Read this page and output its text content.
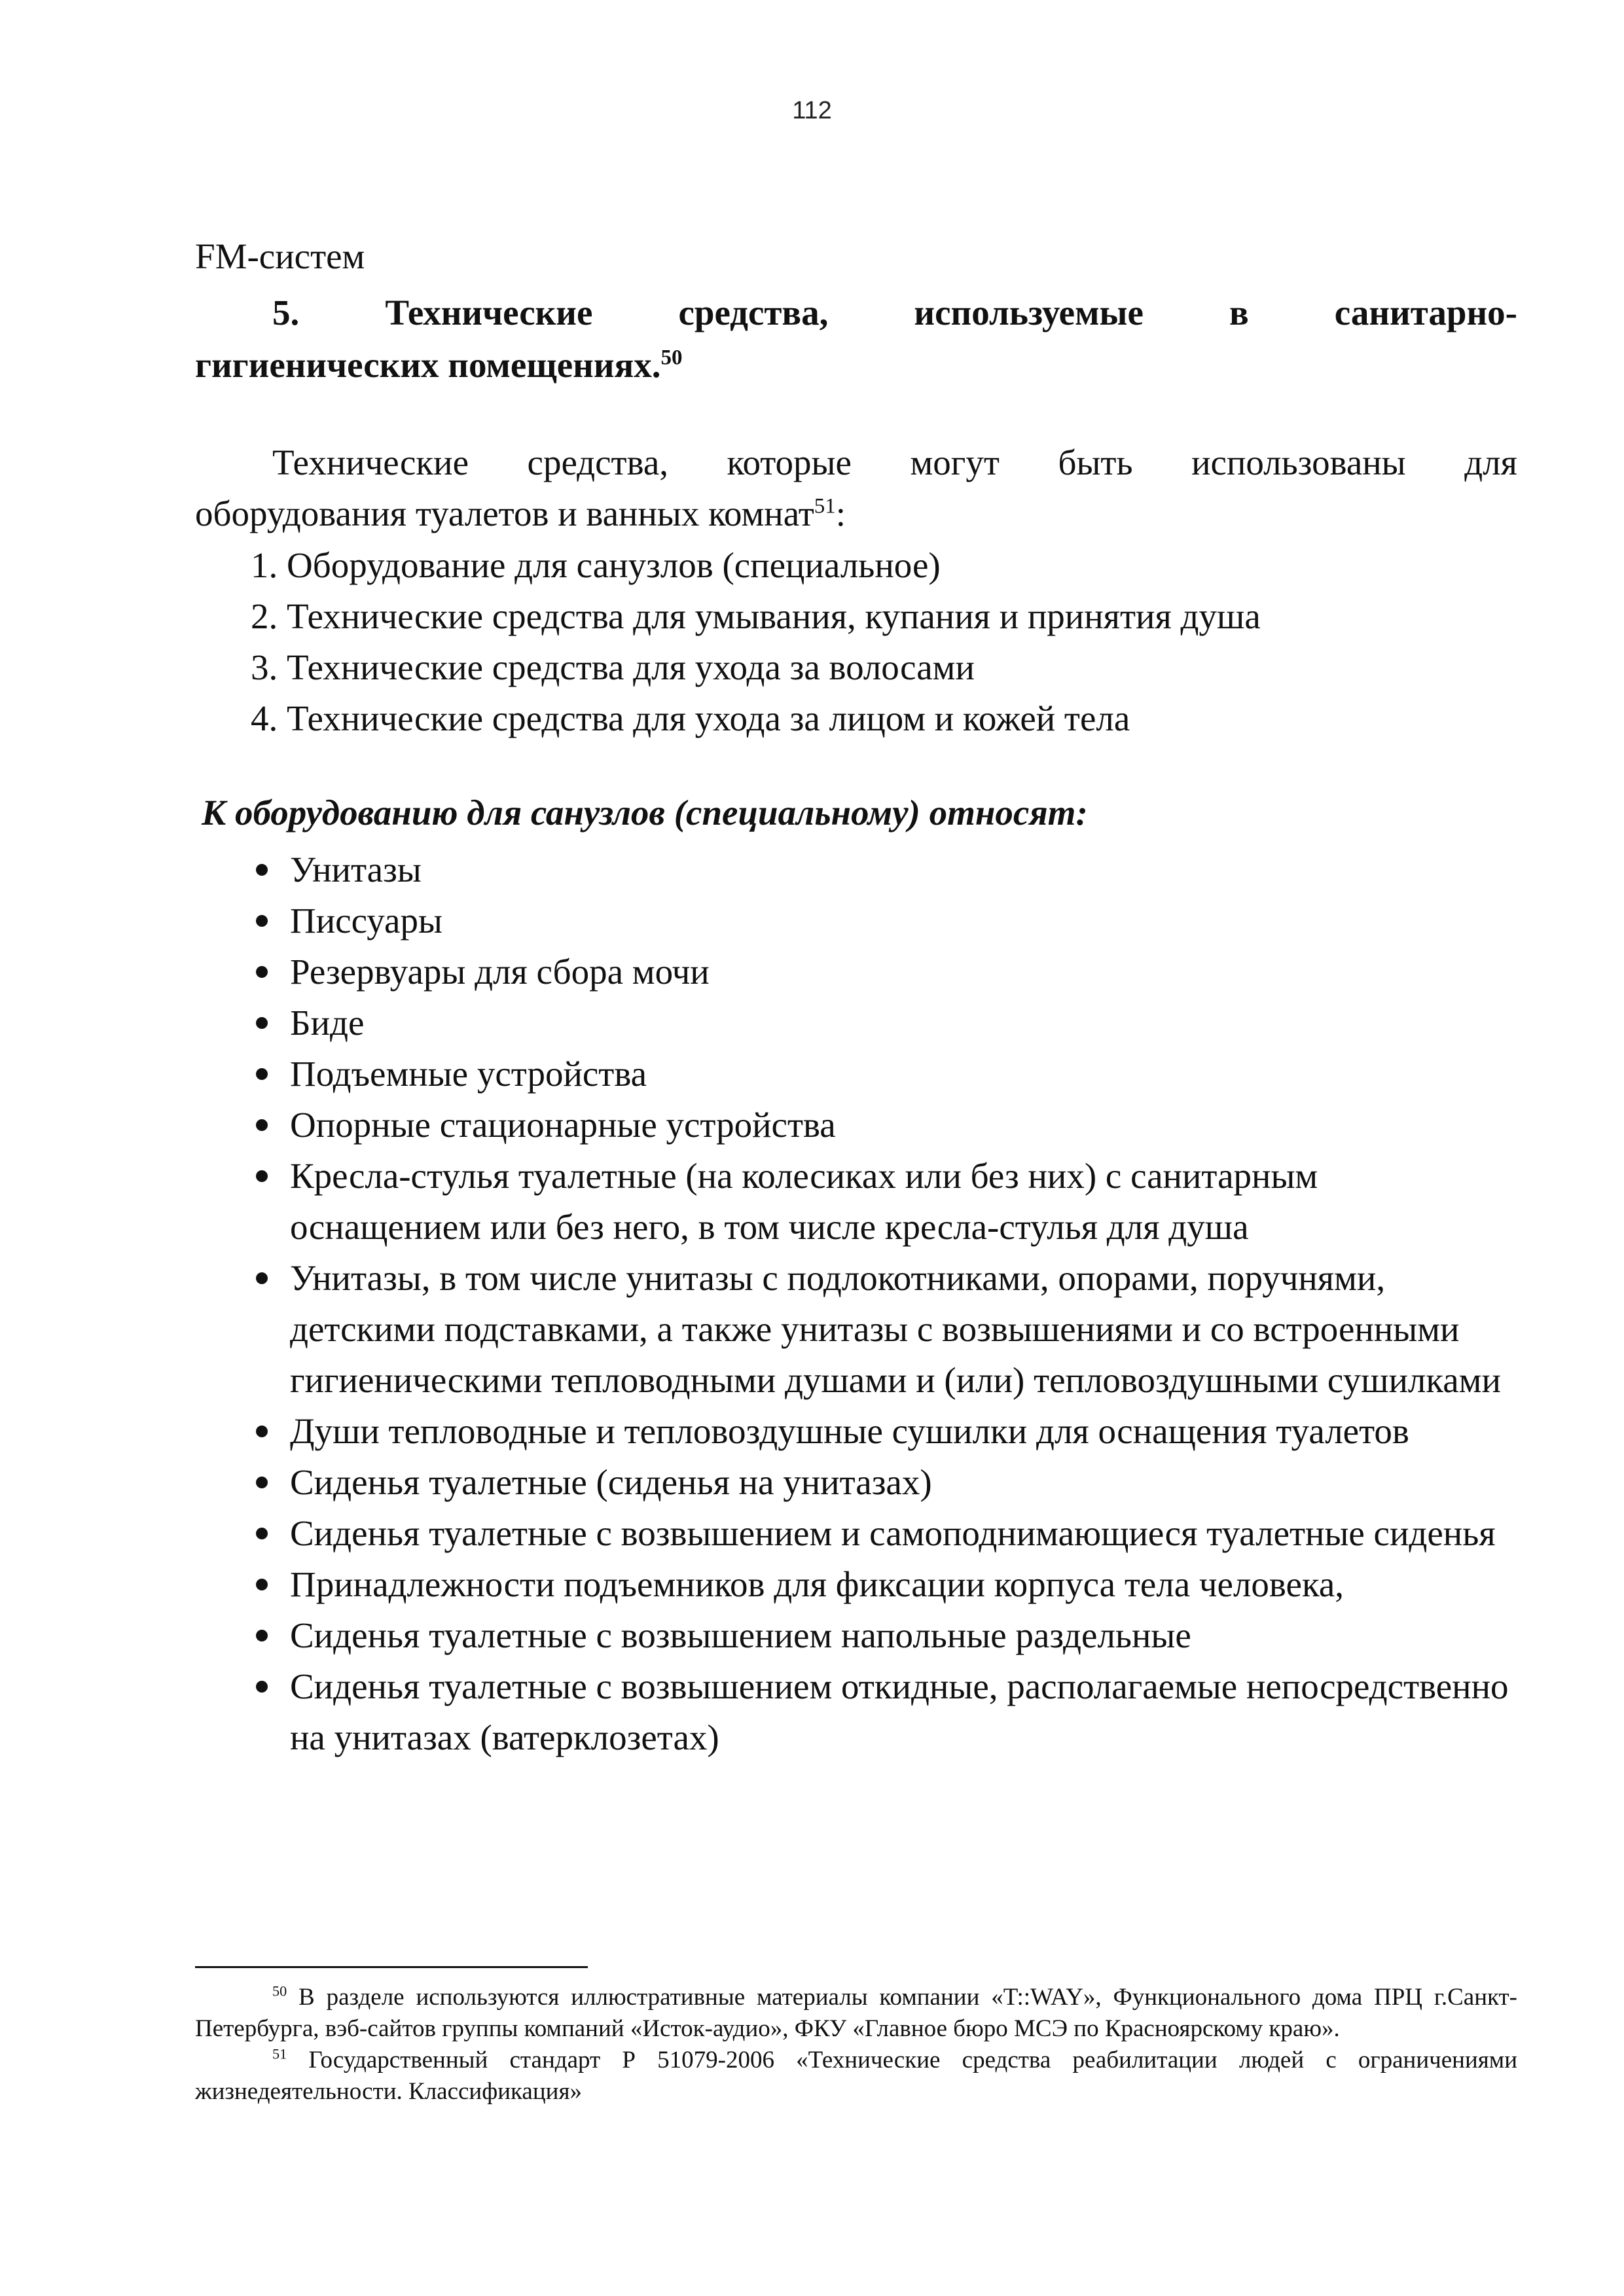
112
FM-систем
5. Технические средства, используемые в санитарно-
гигиенических помещениях.$^{50}$
Технические средства, которые могут быть использованы для
оборудования туалетов и ванных комнат$^{51}$:
1. Оборудование для санузлов (специальное)
2. Технические средства для умывания, купания и принятия душа
3. Технические средства для ухода за волосами
4. Технические средства для ухода за лицом и кожей тела
К оборудованию для санузлов (специальному) относят:
Унитазы
Писсуары
Резервуары для сбора мочи
Биде
Подъемные устройства
Опорные стационарные устройства
Кресла-стулья туалетные (на колесиках или без них) с санитарным оснащением или без него, в том числе кресла-стулья для душа
Унитазы, в том числе унитазы с подлокотниками, опорами, поручнями, детскими подставками, а также унитазы с возвышениями и со встроенными гигиеническими тепловодными душами и (или) тепловоздушными сушилками
Души тепловодные и тепловоздушные сушилки для оснащения туалетов
Сиденья туалетные (сиденья на унитазах)
Сиденья туалетные с возвышением и самоподнимающиеся туалетные сиденья
Принадлежности подъемников для фиксации корпуса тела человека,
Сиденья туалетные с возвышением напольные раздельные
Сиденья туалетные с возвышением откидные, располагаемые непосредственно на унитазах (ватерклозетах)

$^{50}$ В разделе используются иллюстративные материалы компании «T::WAY», Функционального дома ПРЦ г.Санкт-Петербурга, вэб-сайтов группы компаний «Исток-аудио», ФКУ «Главное бюро МСЭ по Красноярскому краю».

$^{51}$ Государственный стандарт Р 51079-2006 «Технические средства реабилитации людей с ограничениями жизнедеятельности. Классификация»
